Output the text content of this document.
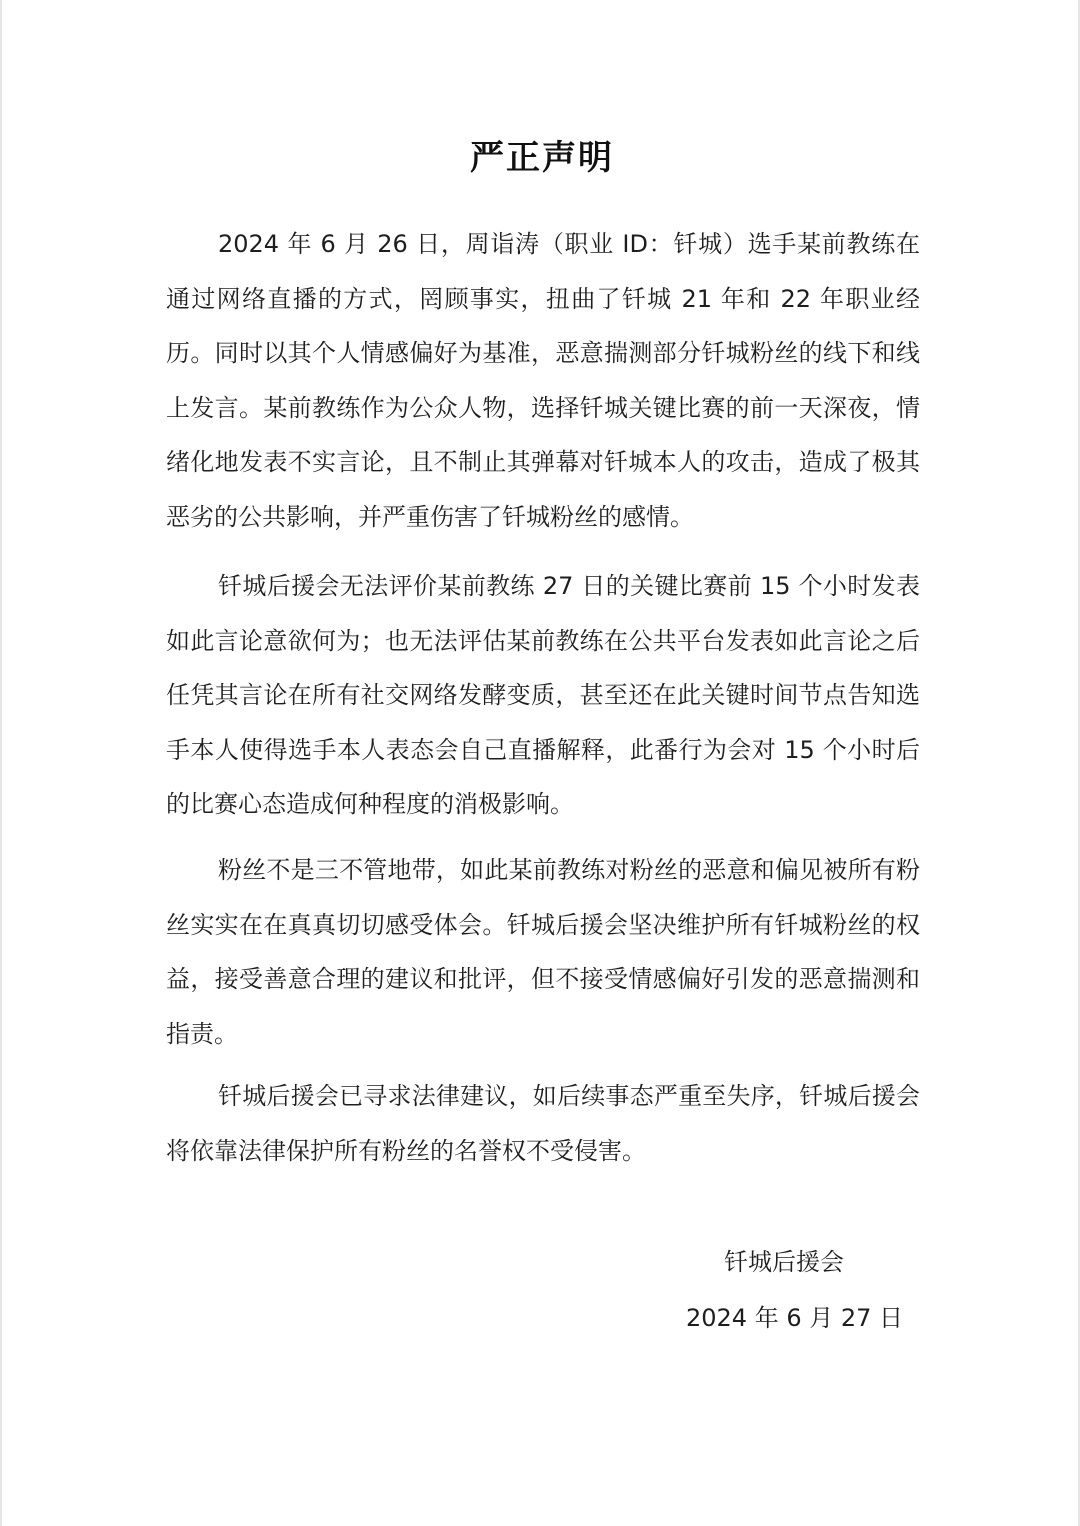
严正声明

2024 年 6 月 26 日，周诣涛（职业 ID：钎城）选手某前教练在通过网络直播的方式，罔顾事实，扭曲了钎城 21 年和 22 年职业经历。同时以其个人情感偏好为基准，恶意揣测部分钎城粉丝的线下和线上发言。某前教练作为公众人物，选择钎城关键比赛的前一天深夜，情绪化地发表不实言论，且不制止其弹幕对钎城本人的攻击，造成了极其恶劣的公共影响，并严重伤害了钎城粉丝的感情。

钎城后援会无法评价某前教练 27 日的关键比赛前 15 个小时发表如此言论意欲何为；也无法评估某前教练在公共平台发表如此言论之后任凭其言论在所有社交网络发酵变质，甚至还在此关键时间节点告知选手本人使得选手本人表态会自己直播解释，此番行为会对 15 个小时后的比赛心态造成何种程度的消极影响。

粉丝不是三不管地带，如此某前教练对粉丝的恶意和偏见被所有粉丝实实在在真真切切感受体会。钎城后援会坚决维护所有钎城粉丝的权益，接受善意合理的建议和批评，但不接受情感偏好引发的恶意揣测和指责。

钎城后援会已寻求法律建议，如后续事态严重至失序，钎城后援会将依靠法律保护所有粉丝的名誉权不受侵害。

钎城后援会
2024 年 6 月 27 日
